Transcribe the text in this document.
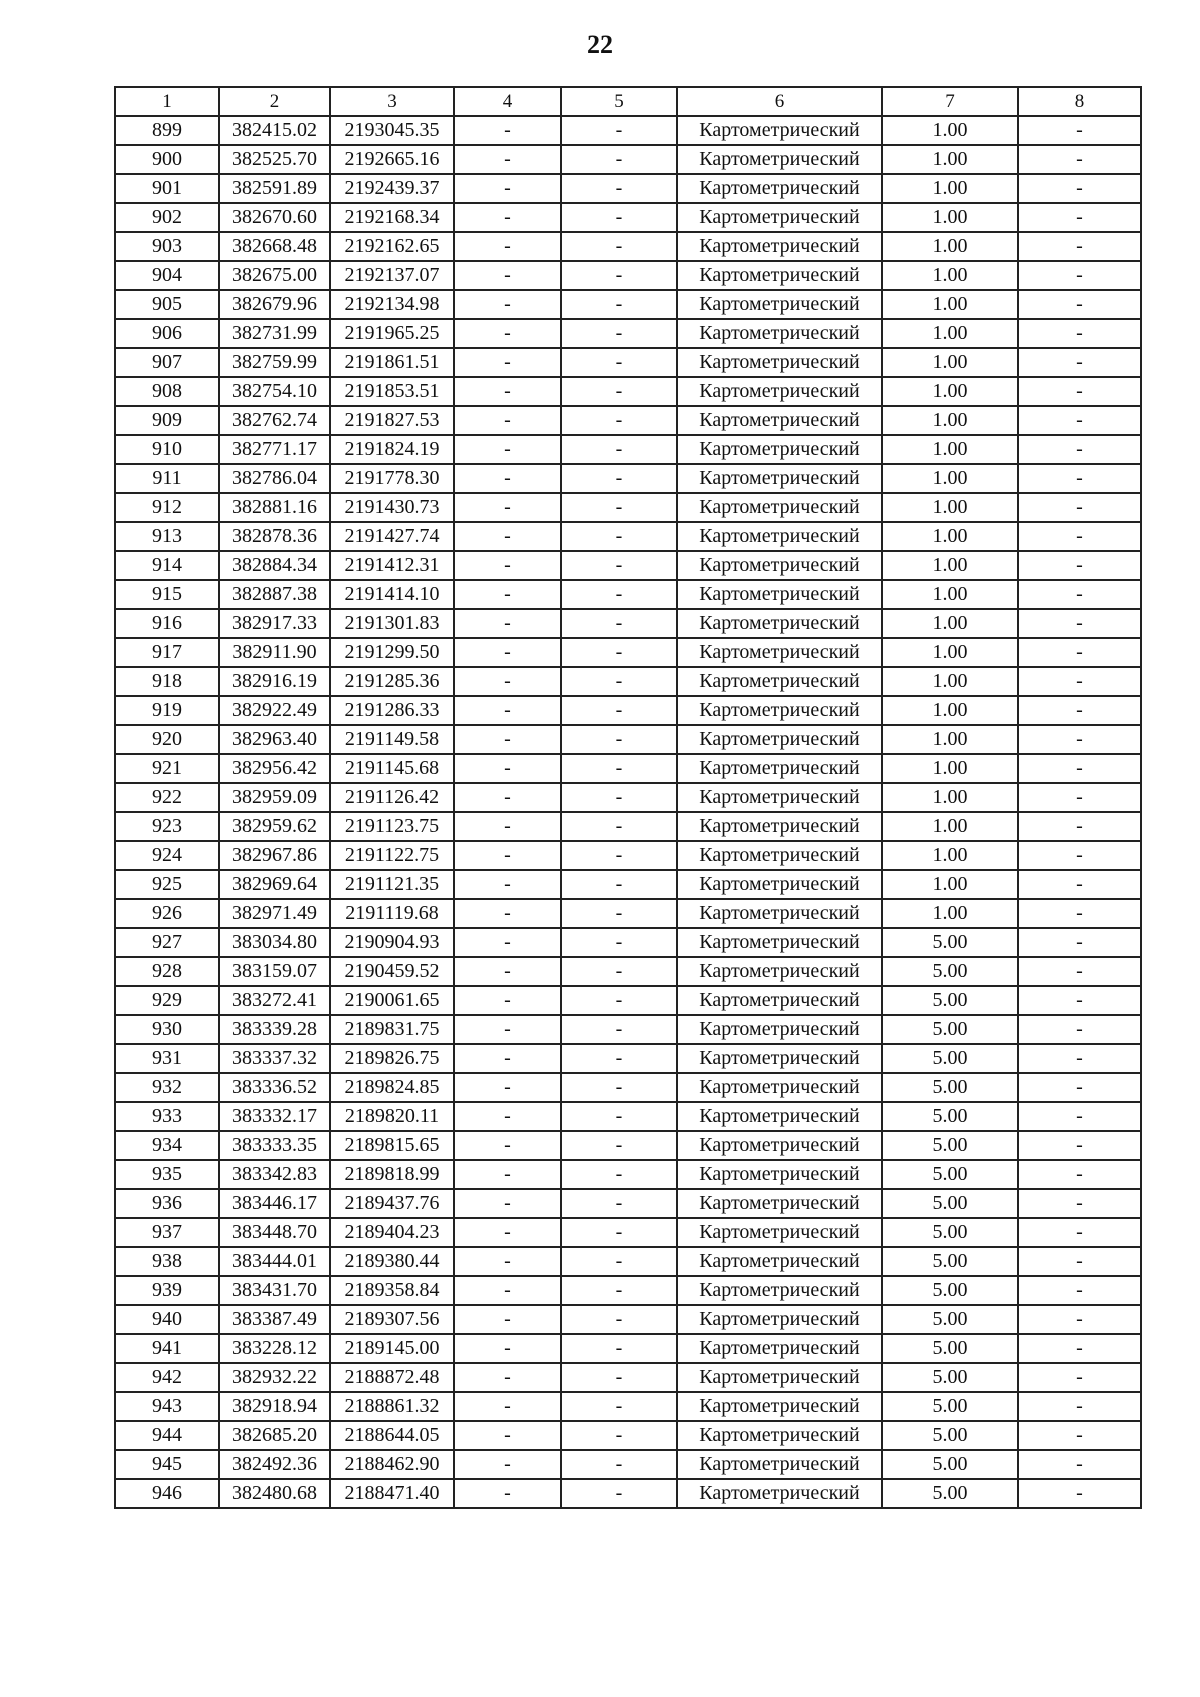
22
1	2	3	4	5	6	7	8
899	382415.02	2193045.35	-	-	Картометрический	1.00	-
900	382525.70	2192665.16	-	-	Картометрический	1.00	-
901	382591.89	2192439.37	-	-	Картометрический	1.00	-
902	382670.60	2192168.34	-	-	Картометрический	1.00	-
903	382668.48	2192162.65	-	-	Картометрический	1.00	-
904	382675.00	2192137.07	-	-	Картометрический	1.00	-
905	382679.96	2192134.98	-	-	Картометрический	1.00	-
906	382731.99	2191965.25	-	-	Картометрический	1.00	-
907	382759.99	2191861.51	-	-	Картометрический	1.00	-
908	382754.10	2191853.51	-	-	Картометрический	1.00	-
909	382762.74	2191827.53	-	-	Картометрический	1.00	-
910	382771.17	2191824.19	-	-	Картометрический	1.00	-
911	382786.04	2191778.30	-	-	Картометрический	1.00	-
912	382881.16	2191430.73	-	-	Картометрический	1.00	-
913	382878.36	2191427.74	-	-	Картометрический	1.00	-
914	382884.34	2191412.31	-	-	Картометрический	1.00	-
915	382887.38	2191414.10	-	-	Картометрический	1.00	-
916	382917.33	2191301.83	-	-	Картометрический	1.00	-
917	382911.90	2191299.50	-	-	Картометрический	1.00	-
918	382916.19	2191285.36	-	-	Картометрический	1.00	-
919	382922.49	2191286.33	-	-	Картометрический	1.00	-
920	382963.40	2191149.58	-	-	Картометрический	1.00	-
921	382956.42	2191145.68	-	-	Картометрический	1.00	-
922	382959.09	2191126.42	-	-	Картометрический	1.00	-
923	382959.62	2191123.75	-	-	Картометрический	1.00	-
924	382967.86	2191122.75	-	-	Картометрический	1.00	-
925	382969.64	2191121.35	-	-	Картометрический	1.00	-
926	382971.49	2191119.68	-	-	Картометрический	1.00	-
927	383034.80	2190904.93	-	-	Картометрический	5.00	-
928	383159.07	2190459.52	-	-	Картометрический	5.00	-
929	383272.41	2190061.65	-	-	Картометрический	5.00	-
930	383339.28	2189831.75	-	-	Картометрический	5.00	-
931	383337.32	2189826.75	-	-	Картометрический	5.00	-
932	383336.52	2189824.85	-	-	Картометрический	5.00	-
933	383332.17	2189820.11	-	-	Картометрический	5.00	-
934	383333.35	2189815.65	-	-	Картометрический	5.00	-
935	383342.83	2189818.99	-	-	Картометрический	5.00	-
936	383446.17	2189437.76	-	-	Картометрический	5.00	-
937	383448.70	2189404.23	-	-	Картометрический	5.00	-
938	383444.01	2189380.44	-	-	Картометрический	5.00	-
939	383431.70	2189358.84	-	-	Картометрический	5.00	-
940	383387.49	2189307.56	-	-	Картометрический	5.00	-
941	383228.12	2189145.00	-	-	Картометрический	5.00	-
942	382932.22	2188872.48	-	-	Картометрический	5.00	-
943	382918.94	2188861.32	-	-	Картометрический	5.00	-
944	382685.20	2188644.05	-	-	Картометрический	5.00	-
945	382492.36	2188462.90	-	-	Картометрический	5.00	-
946	382480.68	2188471.40	-	-	Картометрический	5.00	-
